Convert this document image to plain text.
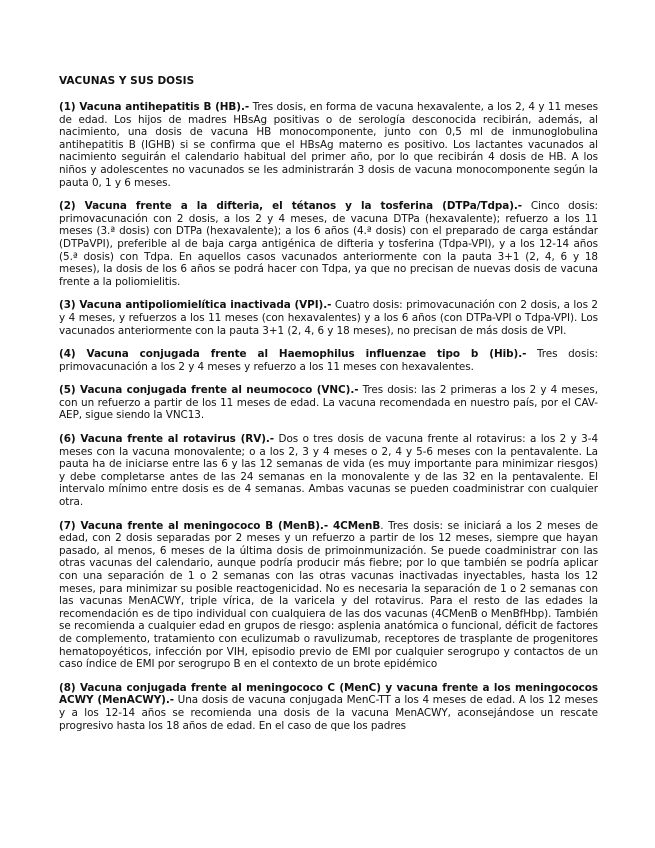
VACUNAS Y SUS DOSIS

(1) Vacuna antihepatitis B (HB).- Tres dosis, en forma de vacuna hexavalente, a los 2, 4 y 11 meses de edad. Los hijos de madres HBsAg positivas o de serología desconocida recibirán, además, al nacimiento, una dosis de vacuna HB monocomponente, junto con 0,5 ml de inmunoglobulina antihepatitis B (IGHB) si se confirma que el HBsAg materno es positivo. Los lactantes vacunados al nacimiento seguirán el calendario habitual del primer año, por lo que recibirán 4 dosis de HB. A los niños y adolescentes no vacunados se les administrarán 3 dosis de vacuna monocomponente según la pauta 0, 1 y 6 meses.

(2) Vacuna frente a la difteria, el tétanos y la tosferina (DTPa/Tdpa).- Cinco dosis: primovacunación con 2 dosis, a los 2 y 4 meses, de vacuna DTPa (hexavalente); refuerzo a los 11 meses (3.ª dosis) con DTPa (hexavalente); a los 6 años (4.ª dosis) con el preparado de carga estándar (DTPaVPI), preferible al de baja carga antigénica de difteria y tosferina (Tdpa-VPI), y a los 12-14 años (5.ª dosis) con Tdpa. En aquellos casos vacunados anteriormente con la pauta 3+1 (2, 4, 6 y 18 meses), la dosis de los 6 años se podrá hacer con Tdpa, ya que no precisan de nuevas dosis de vacuna frente a la poliomielitis.

(3) Vacuna antipoliomielítica inactivada (VPI).- Cuatro dosis: primovacunación con 2 dosis, a los 2 y 4 meses, y refuerzos a los 11 meses (con hexavalentes) y a los 6 años (con DTPa-VPI o Tdpa-VPI). Los vacunados anteriormente con la pauta 3+1 (2, 4, 6 y 18 meses), no precisan de más dosis de VPI.

(4) Vacuna conjugada frente al Haemophilus influenzae tipo b (Hib).- Tres dosis: primovacunación a los 2 y 4 meses y refuerzo a los 11 meses con hexavalentes.

(5) Vacuna conjugada frente al neumococo (VNC).- Tres dosis: las 2 primeras a los 2 y 4 meses, con un refuerzo a partir de los 11 meses de edad. La vacuna recomendada en nuestro país, por el CAV-AEP, sigue siendo la VNC13.

(6) Vacuna frente al rotavirus (RV).- Dos o tres dosis de vacuna frente al rotavirus: a los 2 y 3-4 meses con la vacuna monovalente; o a los 2, 3 y 4 meses o 2, 4 y 5-6 meses con la pentavalente. La pauta ha de iniciarse entre las 6 y las 12 semanas de vida (es muy importante para minimizar riesgos) y debe completarse antes de las 24 semanas en la monovalente y de las 32 en la pentavalente. El intervalo mínimo entre dosis es de 4 semanas. Ambas vacunas se pueden coadministrar con cualquier otra.

(7) Vacuna frente al meningococo B (MenB).- 4CMenB. Tres dosis: se iniciará a los 2 meses de edad, con 2 dosis separadas por 2 meses y un refuerzo a partir de los 12 meses, siempre que hayan pasado, al menos, 6 meses de la última dosis de primoinmunización. Se puede coadministrar con las otras vacunas del calendario, aunque podría producir más fiebre; por lo que también se podría aplicar con una separación de 1 o 2 semanas con las otras vacunas inactivadas inyectables, hasta los 12 meses, para minimizar su posible reactogenicidad. No es necesaria la separación de 1 o 2 semanas con las vacunas MenACWY, triple vírica, de la varicela y del rotavirus. Para el resto de las edades la recomendación es de tipo individual con cualquiera de las dos vacunas (4CMenB o MenBfHbp). También se recomienda a cualquier edad en grupos de riesgo: asplenia anatómica o funcional, déficit de factores de complemento, tratamiento con eculizumab o ravulizumab, receptores de trasplante de progenitores hematopoyéticos, infección por VIH, episodio previo de EMI por cualquier serogrupo y contactos de un caso índice de EMI por serogrupo B en el contexto de un brote epidémico

(8) Vacuna conjugada frente al meningococo C (MenC) y vacuna frente a los meningococos ACWY (MenACWY).- Una dosis de vacuna conjugada MenC-TT a los 4 meses de edad. A los 12 meses y a los 12-14 años se recomienda una dosis de la vacuna MenACWY, aconsejándose un rescate progresivo hasta los 18 años de edad. En el caso de que los padres
